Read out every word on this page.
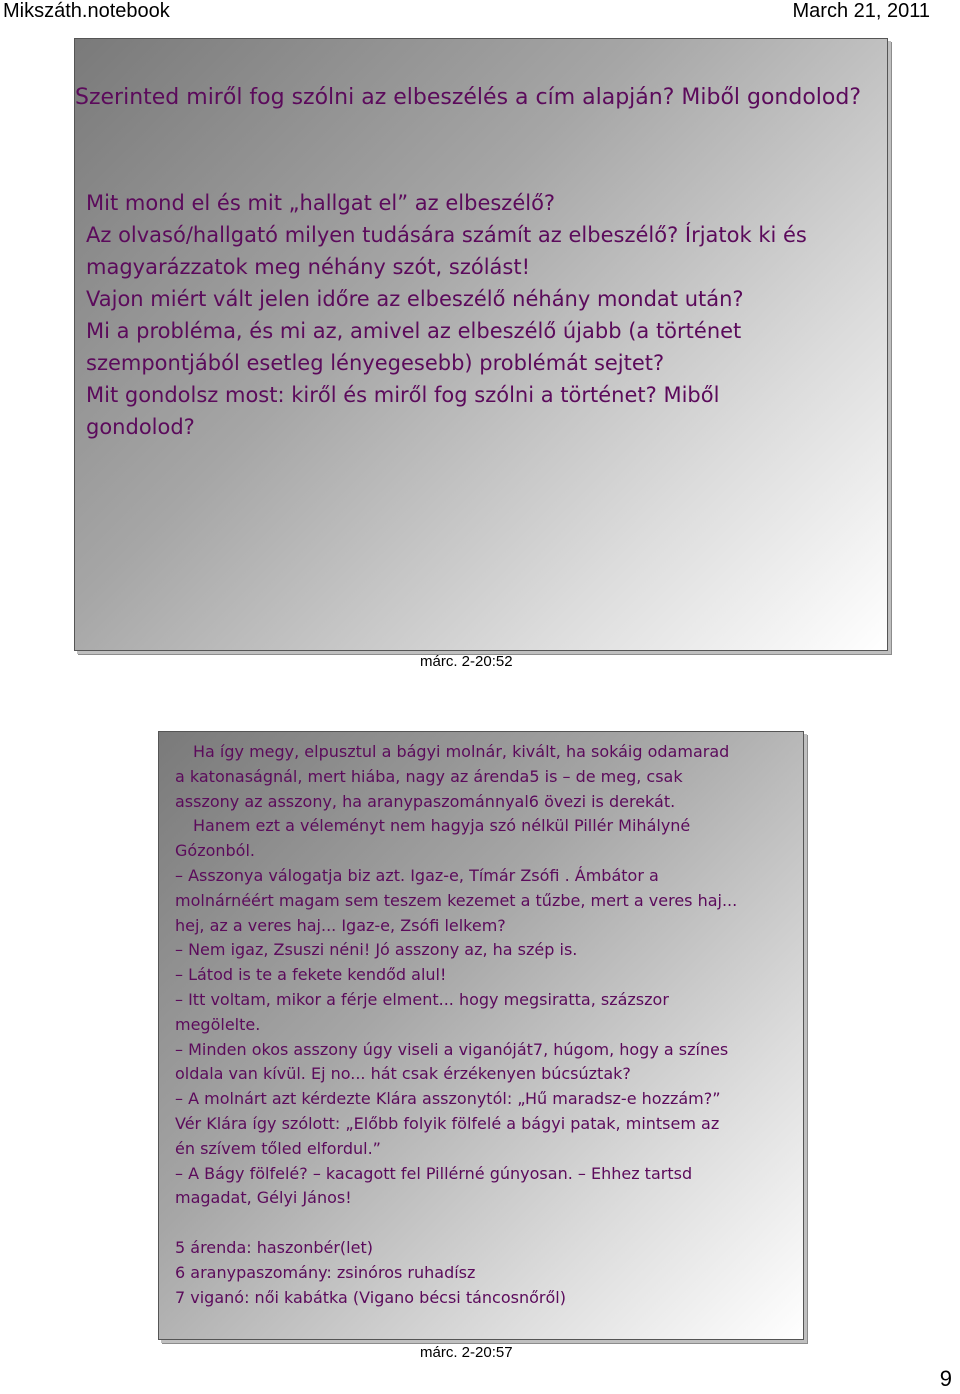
Mikszáth.notebook	March 21, 2011

Szerinted miről fog szólni az elbeszélés a cím alapján? Miből gondolod?

Mit mond el és mit „hallgat el” az elbeszélő?

Az olvasó/hallgató milyen tudására számít az elbeszélő? Írjatok ki és

magyarázzatok meg néhány szót, szólást!

Vajon miért vált jelen időre az elbeszélő néhány mondat után?

Mi a probléma, és mi az, amivel az elbeszélő újabb (a történet

szempontjából esetleg lényegesebb) problémát sejtet?

Mit gondolsz most: kiről és miről fog szólni a történet? Miből

gondolod?

márc. 2-20:52

Ha így megy, elpusztul a bágyi molnár, kivált, ha sokáig odamarad

a katonaságnál, mert hiába, nagy az árenda5 is – de meg, csak

asszony az asszony, ha aranypaszománnyal6 övezi is derekát.

Hanem ezt a véleményt nem hagyja szó nélkül Pillér Mihályné

Gózonból.

– Asszonya válogatja biz azt. Igaz-e, Tímár Zsófi . Ámbátor a

molnárnéért magam sem teszem kezemet a tűzbe, mert a veres haj...

hej, az a veres haj... Igaz-e, Zsófi lelkem?

– Nem igaz, Zsuszi néni! Jó asszony az, ha szép is.

– Látod is te a fekete kendőd alul!

– Itt voltam, mikor a férje elment... hogy megsiratta, százszor

megölelte.

– Minden okos asszony úgy viseli a viganóját7, húgom, hogy a színes

oldala van kívül. Ej no... hát csak érzékenyen búcsúztak?

– A molnárt azt kérdezte Klára asszonytól: „Hű maradsz-e hozzám?”

Vér Klára így szólott: „Előbb folyik fölfelé a bágyi patak, mintsem az

én szívem tőled elfordul.”

– A Bágy fölfelé? – kacagott fel Pillérné gúnyosan. – Ehhez tartsd

magadat, Gélyi János!

5 árenda: haszonbér(let)

6 aranypaszomány: zsinóros ruhadísz

7 viganó: női kabátka (Vigano bécsi táncosnőről)

márc. 2-20:57
9
